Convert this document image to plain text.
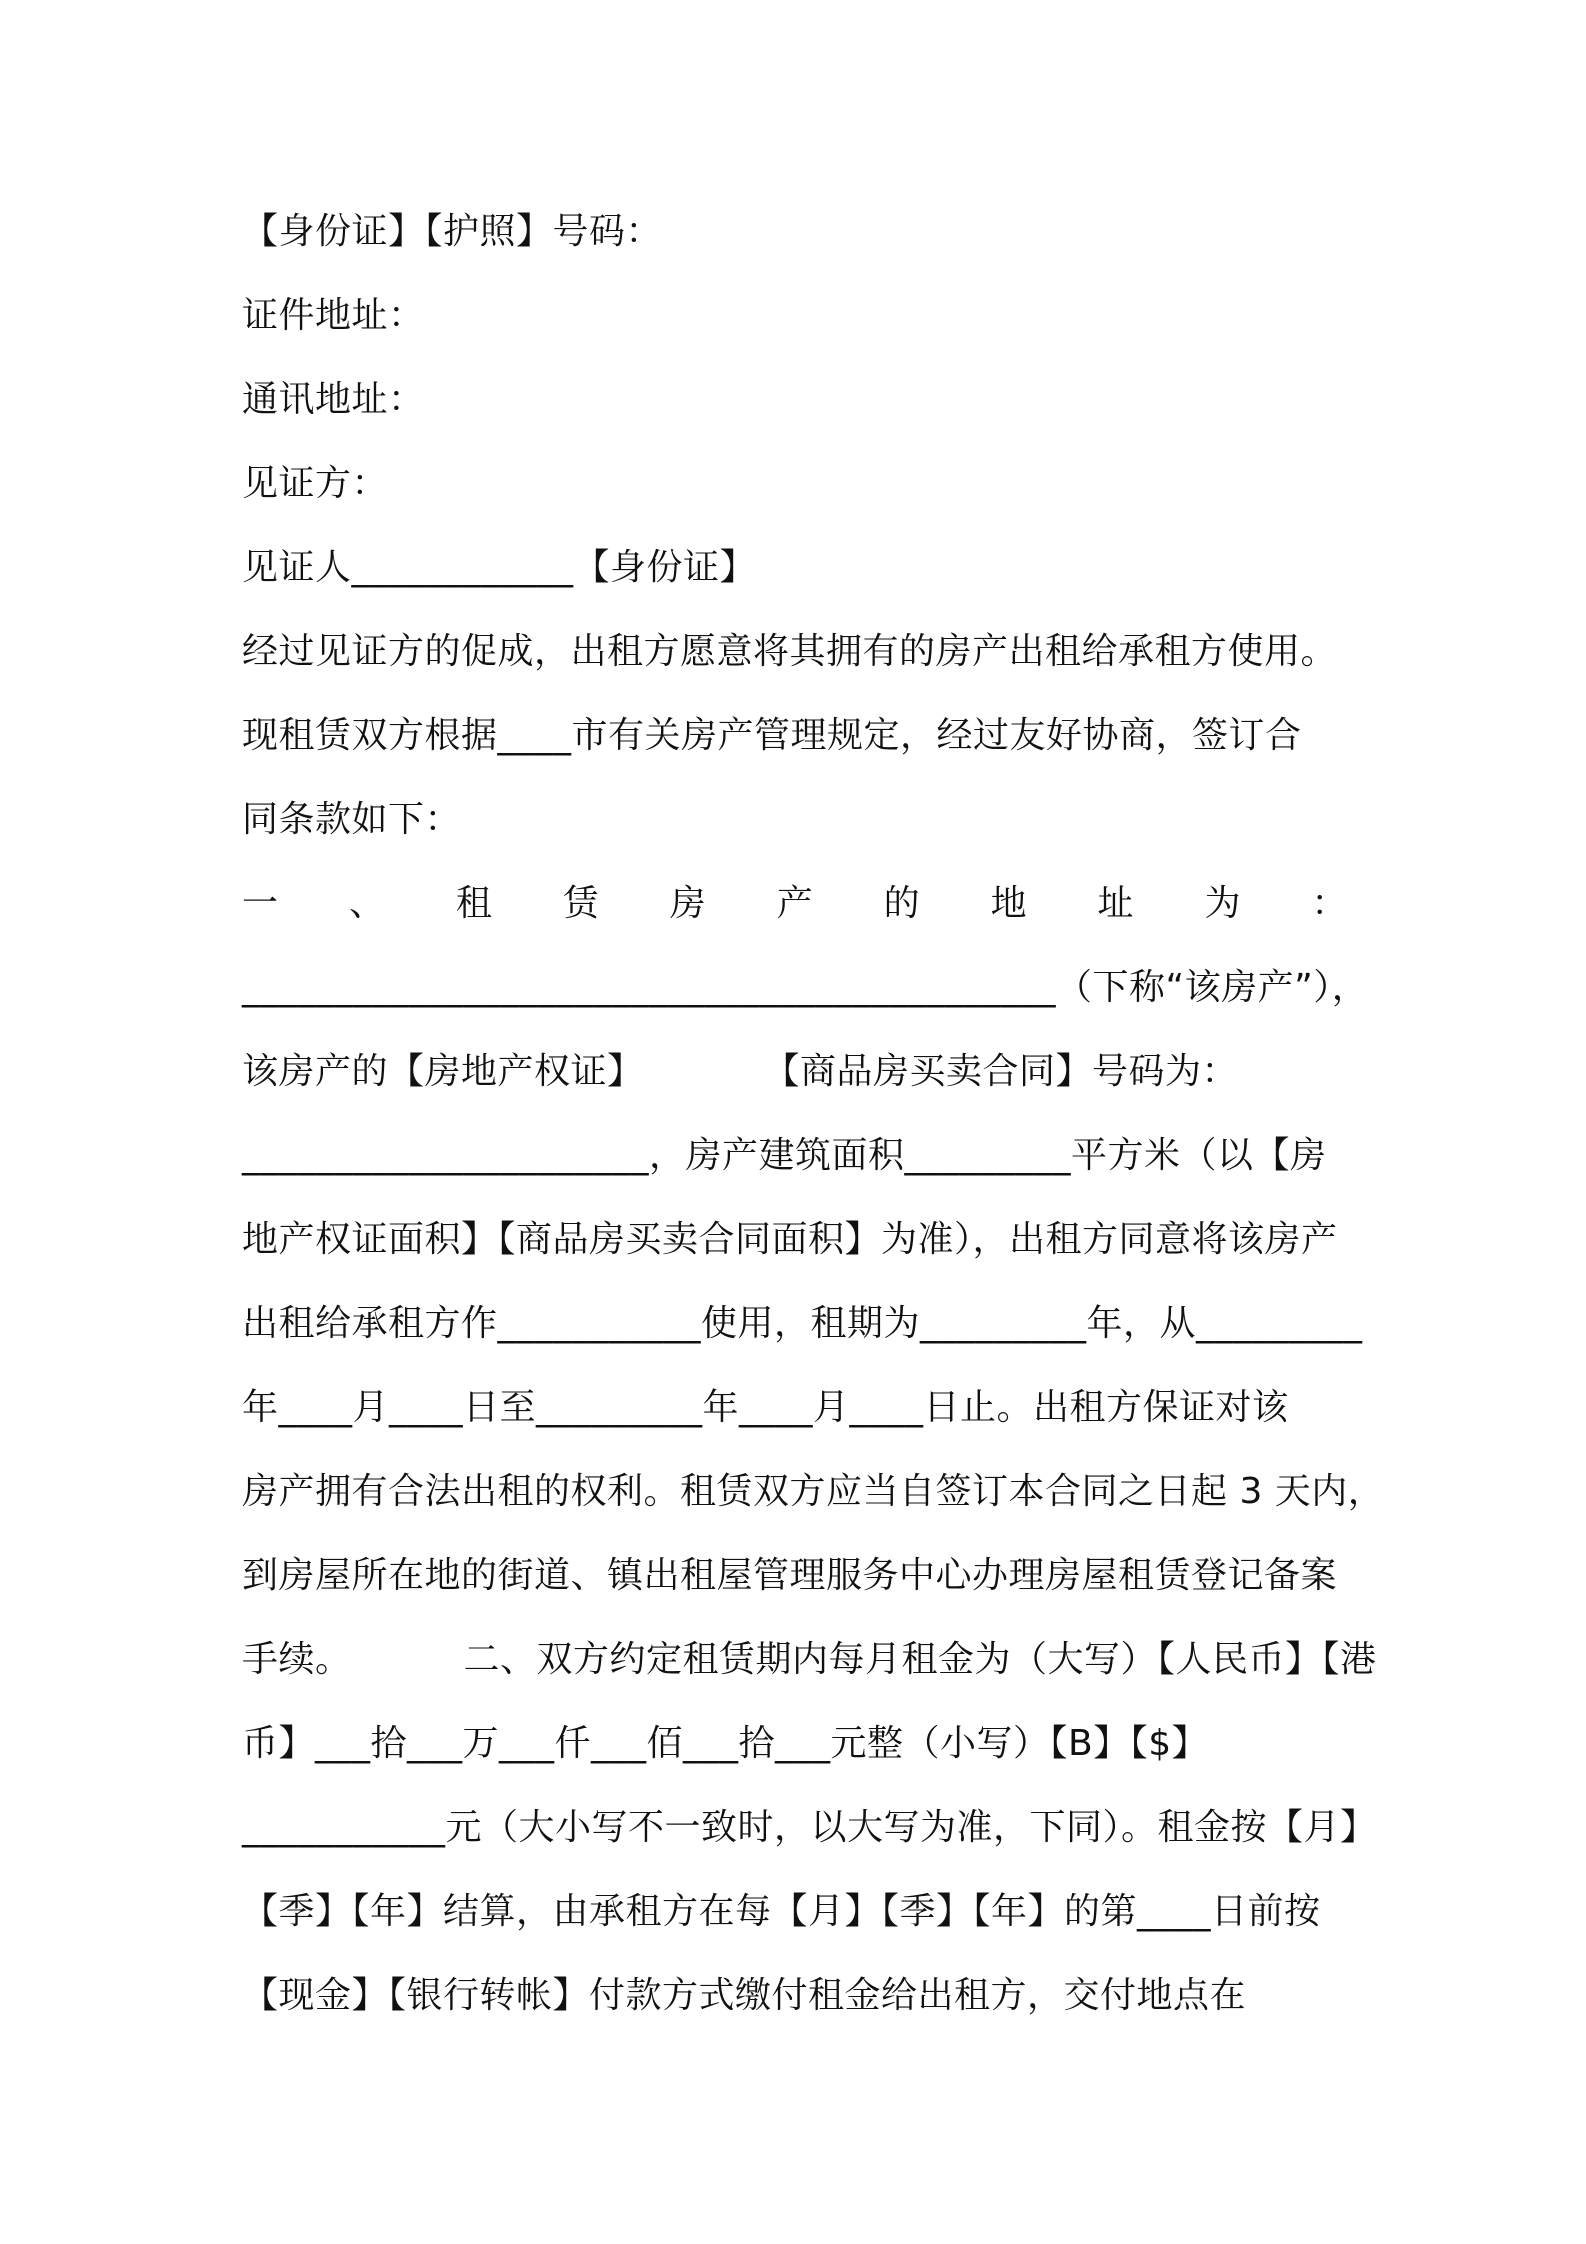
【身份证】【护照】号码：
证件地址：
通讯地址：
见证方：
见证人____________【身份证】
经过见证方的促成，出租方愿意将其拥有的房产出租给承租方使用。
现租赁双方根据____市有关房产管理规定，经过友好协商，签订合
同条款如下：
一 、 租 赁 房 产 的 地 址 为 ：
____________________________________________（下称“该房产”），
该房产的【房地产权证】	【商品房买卖合同】号码为：
______________________，房产建筑面积_________平方米（以【房
地产权证面积】【商品房买卖合同面积】为准），出租方同意将该房产
出租给承租方作___________使用，租期为_________年，从_________
年____月____日至_________年____月____日止。出租方保证对该
房产拥有合法出租的权利。租赁双方应当自签订本合同之日起 3 天内，
到房屋所在地的街道、镇出租屋管理服务中心办理房屋租赁登记备案
手续。	二、双方约定租赁期内每月租金为（大写）【人民币】【港
币】___拾___万___仟___佰___拾___元整（小写）【B】【$】
___________元（大小写不一致时，以大写为准，下同）。租金按【月】
【季】【年】结算，由承租方在每【月】【季】【年】的第____日前按
【现金】【银行转帐】付款方式缴付租金给出租方，交付地点在
